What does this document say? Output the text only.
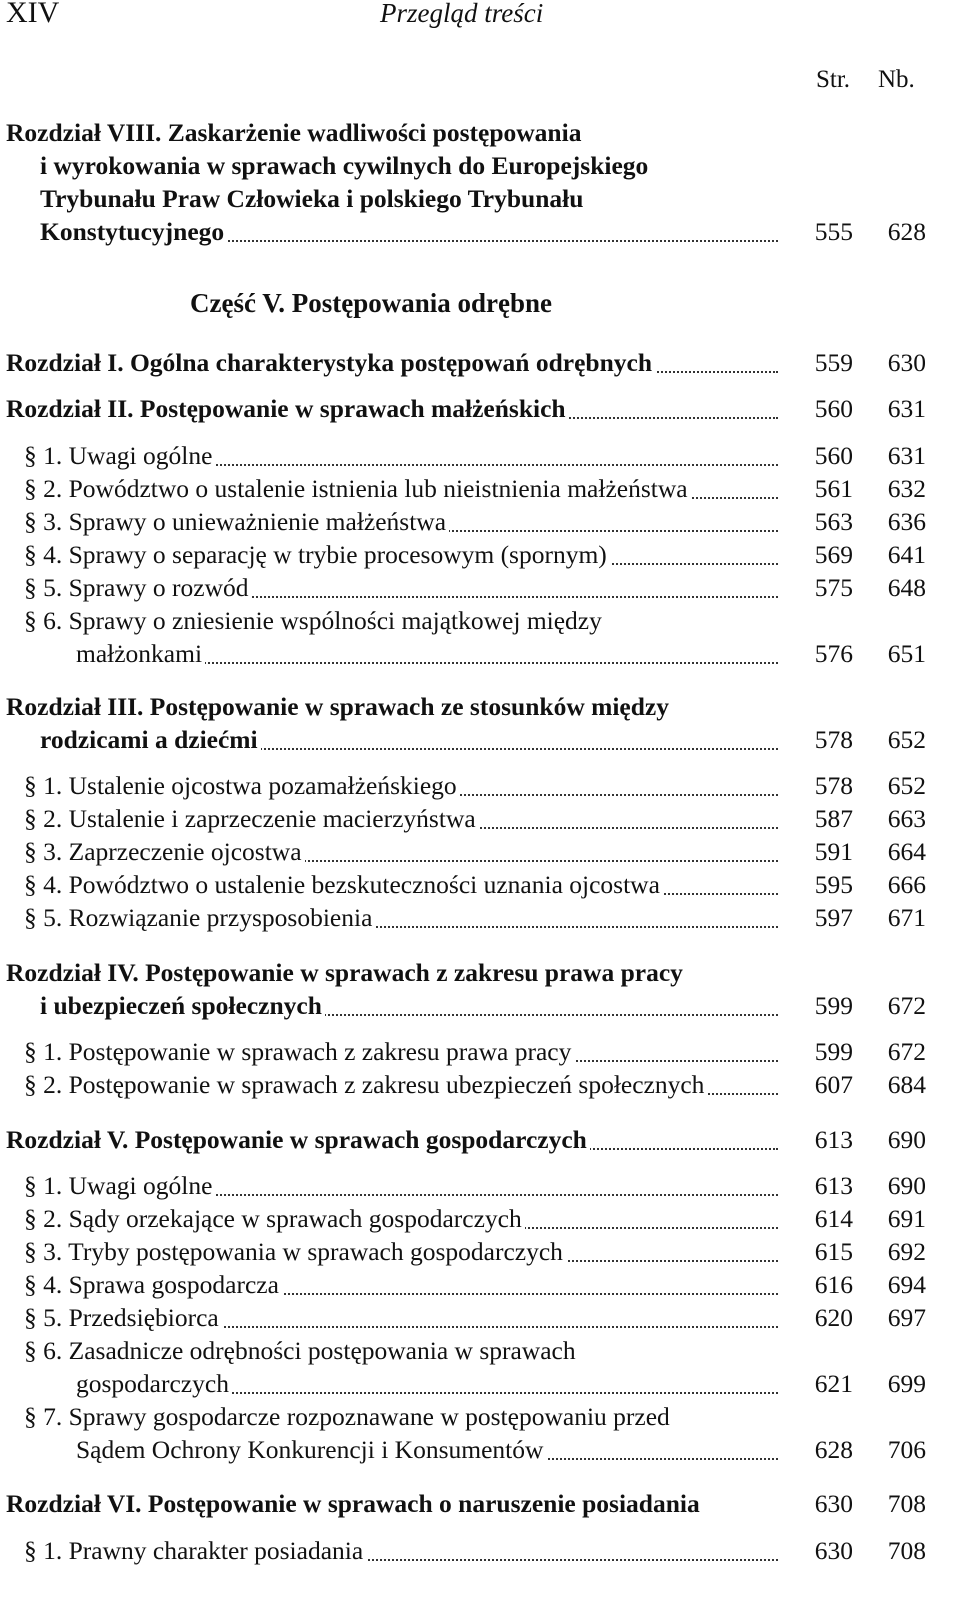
XIV	Przegląd treści
Str. Nb.
Rozdział VIII. Zaskarżenie wadliwości postępowania
i wyrokowania w sprawach cywilnych do Europejskiego
Trybunału Praw Człowieka i polskiego Trybunału
Konstytucyjnego	555	628
Część V. Postępowania odrębne
Rozdział I. Ogólna charakterystyka postępowań odrębnych	559	630
Rozdział II. Postępowanie w sprawach małżeńskich	560	631
§ 1. Uwagi ogólne	560	631
§ 2. Powództwo o ustalenie istnienia lub nieistnienia małżeństwa	561	632
§ 3. Sprawy o unieważnienie małżeństwa	563	636
§ 4. Sprawy o separację w trybie procesowym (spornym)	569	641
§ 5. Sprawy o rozwód	575	648
§ 6. Sprawy o zniesienie wspólności majątkowej między
małżonkami	576	651
Rozdział III. Postępowanie w sprawach ze stosunków między
rodzicami a dziećmi	578	652
§ 1. Ustalenie ojcostwa pozamałżeńskiego	578	652
§ 2. Ustalenie i zaprzeczenie macierzyństwa	587	663
§ 3. Zaprzeczenie ojcostwa	591	664
§ 4. Powództwo o ustalenie bezskuteczności uznania ojcostwa	595	666
§ 5. Rozwiązanie przysposobienia	597	671
Rozdział IV. Postępowanie w sprawach z zakresu prawa pracy
i ubezpieczeń społecznych	599	672
§ 1. Postępowanie w sprawach z zakresu prawa pracy	599	672
§ 2. Postępowanie w sprawach z zakresu ubezpieczeń społecznych	607	684
Rozdział V. Postępowanie w sprawach gospodarczych	613	690
§ 1. Uwagi ogólne	613	690
§ 2. Sądy orzekające w sprawach gospodarczych	614	691
§ 3. Tryby postępowania w sprawach gospodarczych	615	692
§ 4. Sprawa gospodarcza	616	694
§ 5. Przedsiębiorca	620	697
§ 6. Zasadnicze odrębności postępowania w sprawach
gospodarczych	621	699
§ 7. Sprawy gospodarcze rozpoznawane w postępowaniu przed
Sądem Ochrony Konkurencji i Konsumentów	628	706
Rozdział VI. Postępowanie w sprawach o naruszenie posiadania	630	708
§ 1. Prawny charakter posiadania	630	708
